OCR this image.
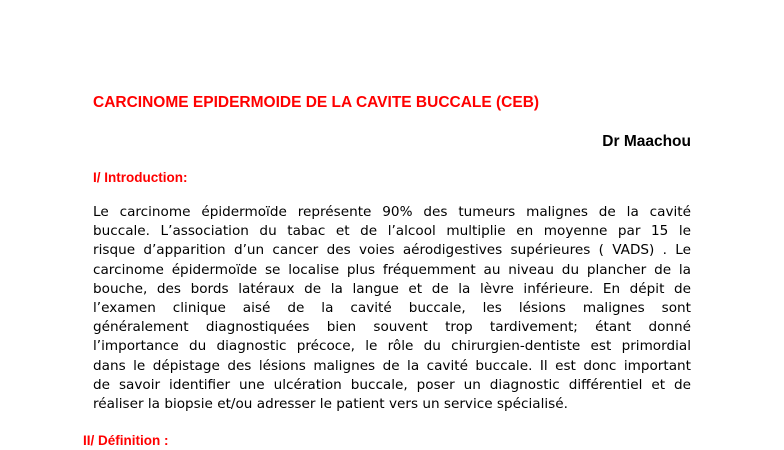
CARCINOME EPIDERMOIDE DE LA CAVITE BUCCALE (CEB)
Dr Maachou
I/ Introduction:
Le carcinome épidermoïde représente 90% des tumeurs malignes de la cavité
buccale. L’association du tabac et de l’alcool multiplie en moyenne par 15 le
risque d’apparition d’un cancer des voies aérodigestives supérieures ( VADS) . Le
carcinome épidermoïde se localise plus fréquemment au niveau du plancher de la
bouche, des bords latéraux de la langue et de la lèvre inférieure. En dépit de
l’examen clinique aisé de la cavité buccale, les lésions malignes sont
généralement diagnostiquées bien souvent trop tardivement; étant donné
l’importance du diagnostic précoce, le rôle du chirurgien-dentiste est primordial
dans le dépistage des lésions malignes de la cavité buccale. Il est donc important
de savoir identifier une ulcération buccale, poser un diagnostic différentiel et de
réaliser la biopsie et/ou adresser le patient vers un service spécialisé.
II/ Définition :
